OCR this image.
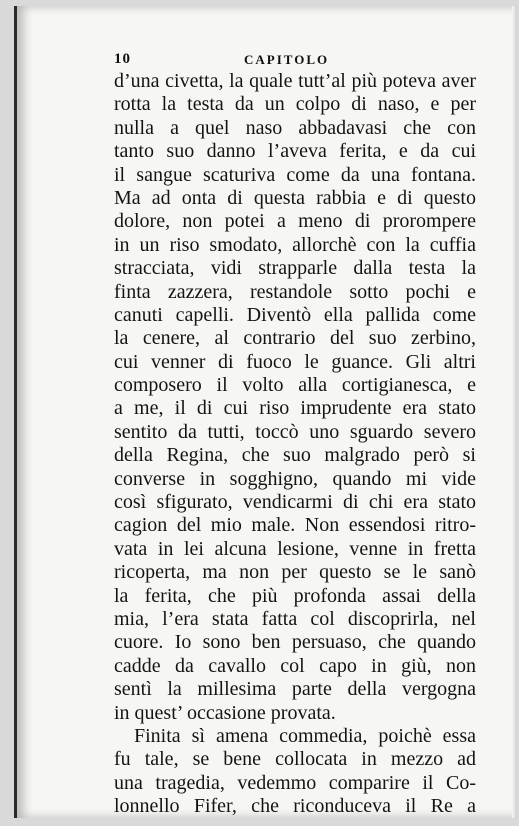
10	CAPITOLO
d’una civetta, la quale tutt’al più poteva aver
rotta la testa da un colpo di naso, e per
nulla a quel naso abbadavasi che con
tanto suo danno l’aveva ferita, e da cui
il sangue scaturiva come da una fontana.
Ma ad onta di questa rabbia e di questo
dolore, non potei a meno di prorompere
in un riso smodato, allorchè con la cuffia
stracciata, vidi strapparle dalla testa la
finta zazzera, restandole sotto pochi e
canuti capelli. Diventò ella pallida come
la cenere, al contrario del suo zerbino,
cui venner di fuoco le guance. Gli altri
composero il volto alla cortigianesca, e
a me, il di cui riso imprudente era stato
sentito da tutti, toccò uno sguardo severo
della Regina, che suo malgrado però si
converse in sogghigno, quando mi vide
così sfigurato, vendicarmi di chi era stato
cagion del mio male. Non essendosi ritro-
vata in lei alcuna lesione, venne in fretta
ricoperta, ma non per questo se le sanò
la ferita, che più profonda assai della
mia, l’era stata fatta col discoprirla, nel
cuore. Io sono ben persuaso, che quando
cadde da cavallo col capo in giù, non
sentì la millesima parte della vergogna
in quest’ occasione provata.
Finita sì amena commedia, poichè essa
fu tale, se bene collocata in mezzo ad
una tragedia, vedemmo comparire il Co-
lonnello Fifer, che riconduceva il Re a
